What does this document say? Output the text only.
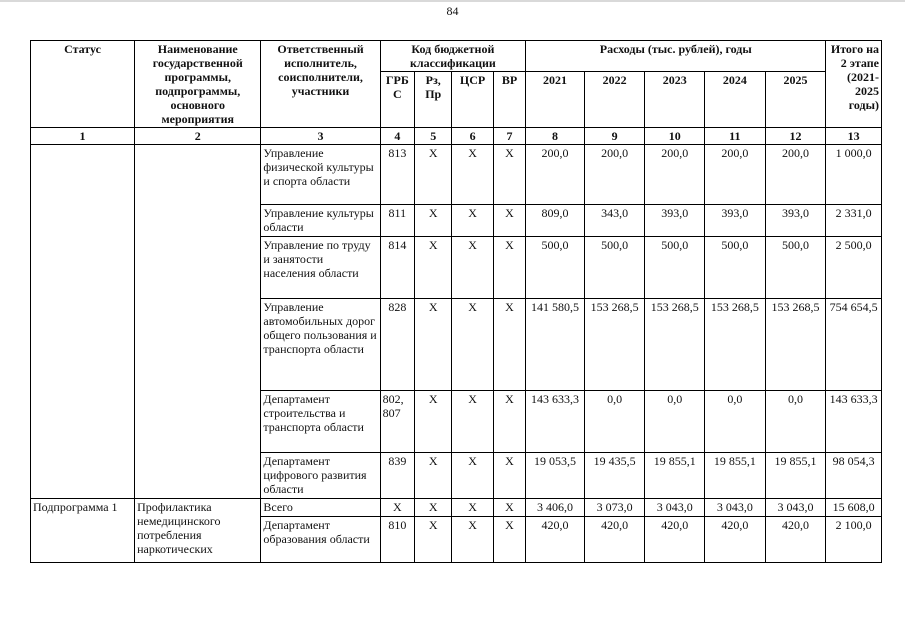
84
Статус	Наименование государственной программы, подпрограммы, основного мероприятия	Ответственный исполнитель, соисполнители, участники	Код бюджетной классификации				Расходы (тыс. рублей), годы					Итого на 2 этапе (2021-2025 годы)
			ГРБ С	Рз, Пр	ЦСР	ВР	2021	2022	2023	2024	2025	
1	2	3	4	5	6	7	8	9	10	11	12	13
		Управление физической культуры и спорта области	813	X	X	X	200,0	200,0	200,0	200,0	200,0	1 000,0
		Управление культуры области	811	X	X	X	809,0	343,0	393,0	393,0	393,0	2 331,0
		Управление по труду и занятости населения области	814	X	X	X	500,0	500,0	500,0	500,0	500,0	2 500,0
		Управление автомобильных дорог общего пользования и транспорта области	828	X	X	X	141 580,5	153 268,5	153 268,5	153 268,5	153 268,5	754 654,5
		Департамент строительства и транспорта области	802, 807	X	X	X	143 633,3	0,0	0,0	0,0	0,0	143 633,3
		Департамент цифрового развития области	839	X	X	X	19 053,5	19 435,5	19 855,1	19 855,1	19 855,1	98 054,3
Подпрограмма 1	Профилактика немедицинского потребления наркотических	Всего	X	X	X	X	3 406,0	3 073,0	3 043,0	3 043,0	3 043,0	15 608,0
		Департамент образования области	810	X	X	X	420,0	420,0	420,0	420,0	420,0	2 100,0
